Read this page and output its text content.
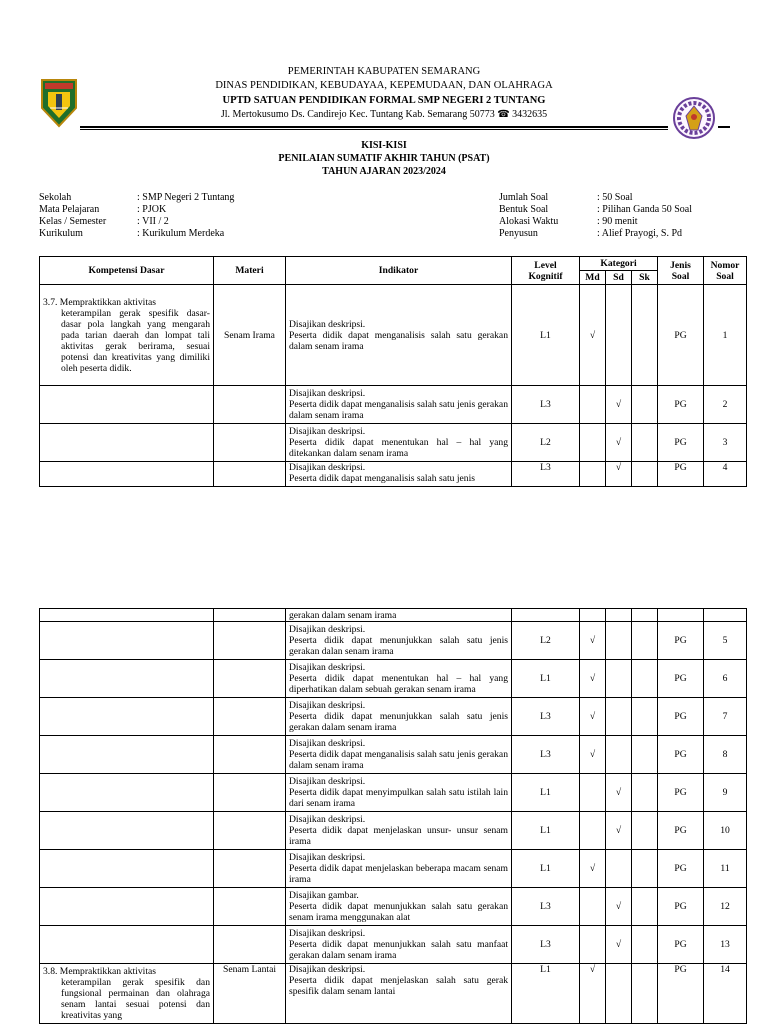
PEMERINTAH KABUPATEN SEMARANG
DINAS PENDIDIKAN, KEBUDAYAA, KEPEMUDAAN, DAN OLAHRAGA
UPTD SATUAN PENDIDIKAN FORMAL SMP NEGERI 2 TUNTANG
Jl. Mertokusumo Ds. Candirejo Kec. Tuntang Kab. Semarang 50773 ☎ 3432635
KISI-KISI
PENILAIAN SUMATIF AKHIR TAHUN (PSAT)
TAHUN AJARAN 2023/2024
Sekolah
Mata Pelajaran
Kelas / Semester
Kurikulum
: SMP Negeri 2 Tuntang
: PJOK
: VII / 2
: Kurikulum Merdeka
Jumlah Soal
Bentuk Soal
Alokasi Waktu
Penyusun
: 50 Soal
: Pilihan Ganda 50 Soal
: 90 menit
: Alief Prayogi, S. Pd
Kompetensi Dasar	Materi	Indikator	Level
Kognitif	Kategori			Jenis
Soal	Nomor
Soal

				Md	Sd	Sk		

3.7. Mempraktikkan aktivitas
keterampilan gerak spesifik dasar-dasar pola langkah yang mengarah pada tarian daerah dan lompat tali aktivitas gerak berirama, sesuai potensi dan kreativitas yang dimiliki oleh peserta didik.	Senam Irama	Disajikan deskripsi.
Peserta didik dapat menganalisis salah satu gerakan dalam senam irama	L1	√			PG	1

		Disajikan deskripsi.
Peserta didik dapat menganalisis salah satu jenis gerakan dalam senam irama	L3		√		PG	2

		Disajikan deskripsi.
Peserta didik dapat menentukan hal – hal yang ditekankan dalam senam irama	L2		√		PG	3

		Disajikan deskripsi.
Peserta didik dapat menganalisis salah satu jenis	L3		√		PG	4
		gerakan dalam senam irama						

		Disajikan deskripsi.
Peserta didik dapat menunjukkan salah satu jenis gerakan dalan senam irama	L2	√			PG	5

		Disajikan deskripsi.
Peserta didik dapat menentukan hal – hal yang diperhatikan dalam sebuah gerakan senam irama	L1	√			PG	6

		Disajikan deskripsi.
Peserta didik dapat menunjukkan salah satu jenis gerakan dalam senam irama	L3	√			PG	7

		Disajikan deskripsi.
Peserta didik dapat menganalisis salah satu jenis gerakan dalam senam irama	L3	√			PG	8

		Disajikan deskripsi.
Peserta didik dapat menyimpulkan salah satu istilah lain dari senam irama	L1		√		PG	9

		Disajikan deskripsi.
Peserta didik dapat menjelaskan unsur- unsur senam irama	L1		√		PG	10

		Disajikan deskripsi.
Peserta didik dapat menjelaskan beberapa macam senam irama	L1	√			PG	11

		Disajikan gambar.
Peserta didik dapat menunjukkan salah satu gerakan senam irama menggunakan alat	L3		√		PG	12

		Disajikan deskripsi.
Peserta didik dapat menunjukkan salah satu manfaat gerakan dalam senam irama	L3		√		PG	13

3.8. Mempraktikkan aktivitas
keterampilan gerak spesifik dan fungsional permainan dan olahraga senam lantai sesuai potensi dan kreativitas yang	Senam Lantai	Disajikan deskripsi.
Peserta didik dapat menjelaskan salah satu gerak spesifik dalam senam lantai	L1	√			PG	14
